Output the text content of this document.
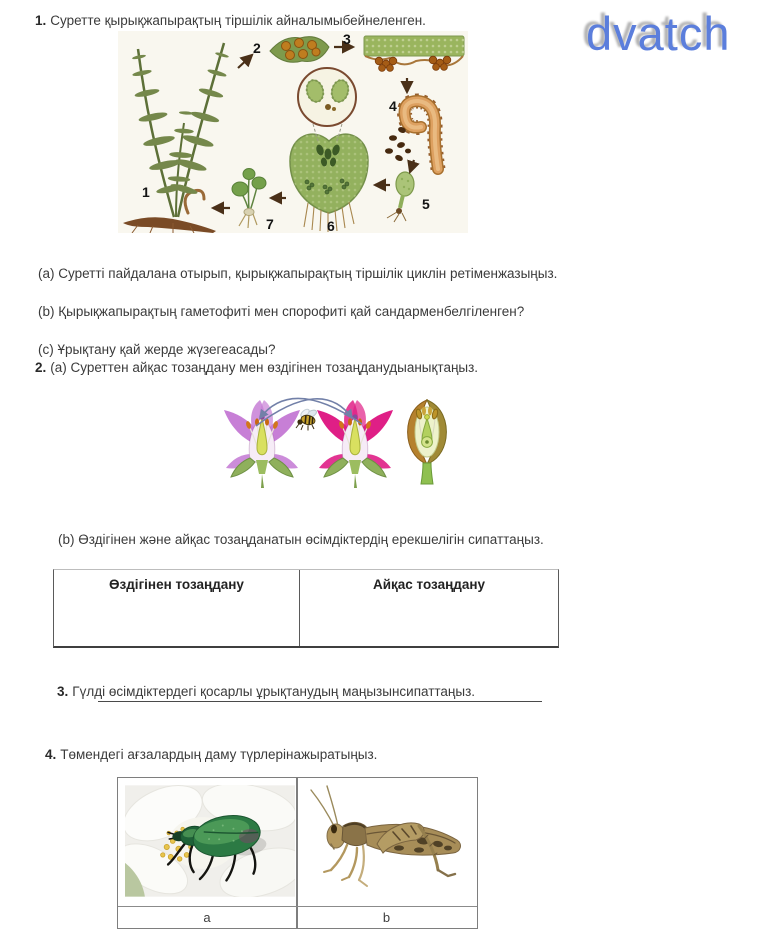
dvatch
1. Суретте қырықжапырақтың тіршілік айналымыбейнеленген.
1
2
3
4
5
6
7
(a) Суретті пайдалана отырып, қырықжапырақтың тіршілік циклін ретіменжазыңыз.
(b) Қырықжапырақтың гаметофиті мен спорофиті қай сандарменбелгіленген?
(c) Ұрықтану қай жерде жүзегеасады?
2. (a) Суреттен айқас тозаңдану мен өздігінен тозаңданудыанықтаңыз.
(b) Өздігінен және айқас тозаңданатын өсімдіктердің ерекшелігін сипаттаңыз.
Өздігінен тозаңдану	Айқас тозаңдану
3. Гүлді өсімдіктердегі қосарлы ұрықтанудың маңызынсипаттаңыз.
4. Төмендегі ағзалардың даму түрлерінажыратыңыз.
a	b
